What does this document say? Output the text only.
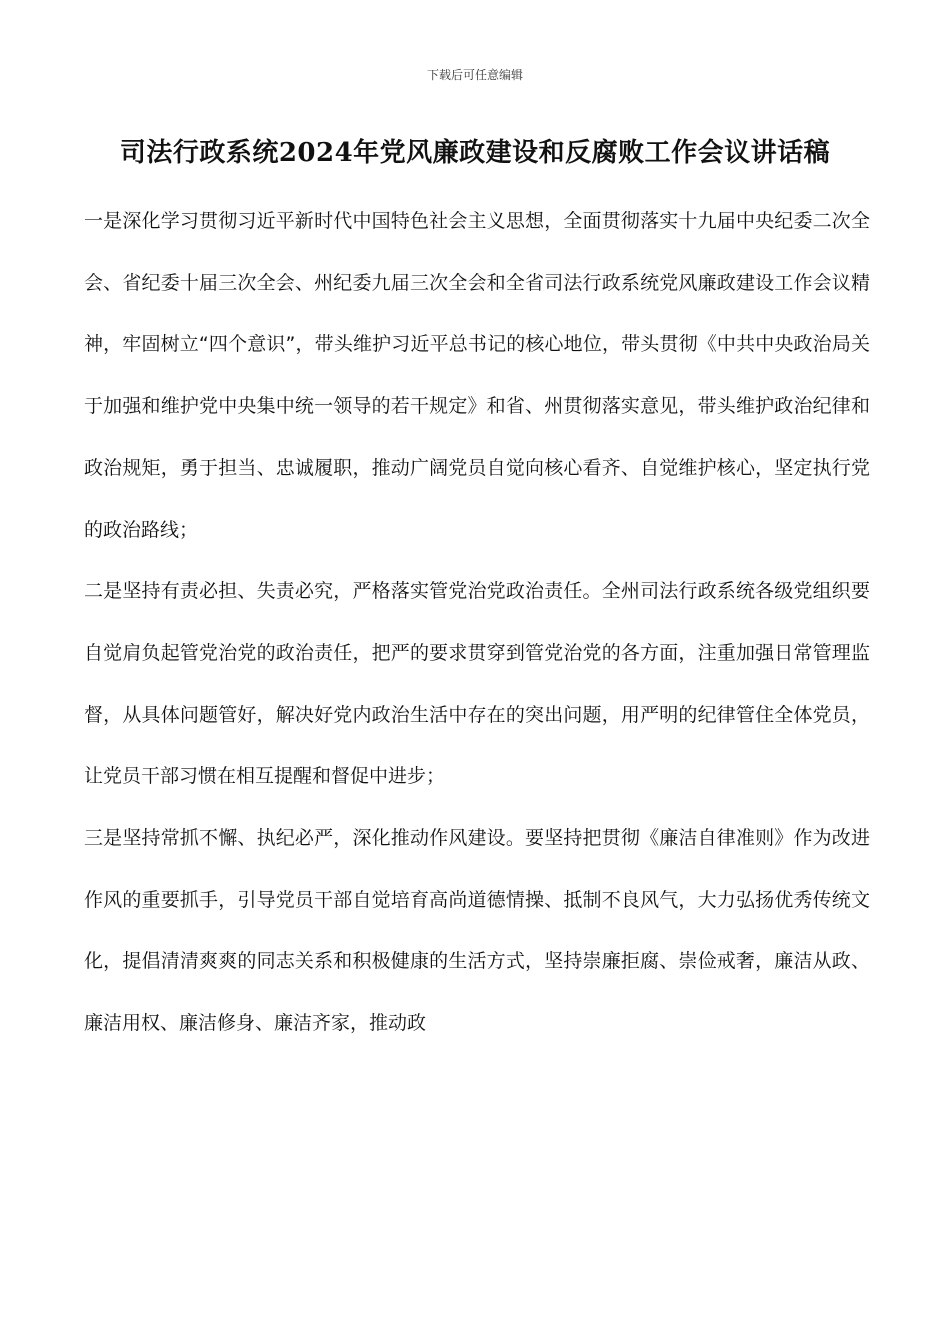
下载后可任意编辑
司法行政系统2024年党风廉政建设和反腐败工作会议讲话稿

一是深化学习贯彻习近平新时代中国特色社会主义思想，全面贯彻落实十九届中央纪委二次全会、省纪委十届三次全会、州纪委九届三次全会和全省司法行政系统党风廉政建设工作会议精神，牢固树立“四个意识”，带头维护习近平总书记的核心地位，带头贯彻《中共中央政治局关于加强和维护党中央集中统一领导的若干规定》和省、州贯彻落实意见，带头维护政治纪律和政治规矩，勇于担当、忠诚履职，推动广阔党员自觉向核心看齐、自觉维护核心，坚定执行党的政治路线；

二是坚持有责必担、失责必究，严格落实管党治党政治责任。全州司法行政系统各级党组织要自觉肩负起管党治党的政治责任，把严的要求贯穿到管党治党的各方面，注重加强日常管理监督，从具体问题管好，解决好党内政治生活中存在的突出问题，用严明的纪律管住全体党员，让党员干部习惯在相互提醒和督促中进步；

三是坚持常抓不懈、执纪必严，深化推动作风建设。要坚持把贯彻《廉洁自律准则》作为改进作风的重要抓手，引导党员干部自觉培育高尚道德情操、抵制不良风气，大力弘扬优秀传统文化，提倡清清爽爽的同志关系和积极健康的生活方式，坚持崇廉拒腐、崇俭戒奢，廉洁从政、廉洁用权、廉洁修身、廉洁齐家，推动政
